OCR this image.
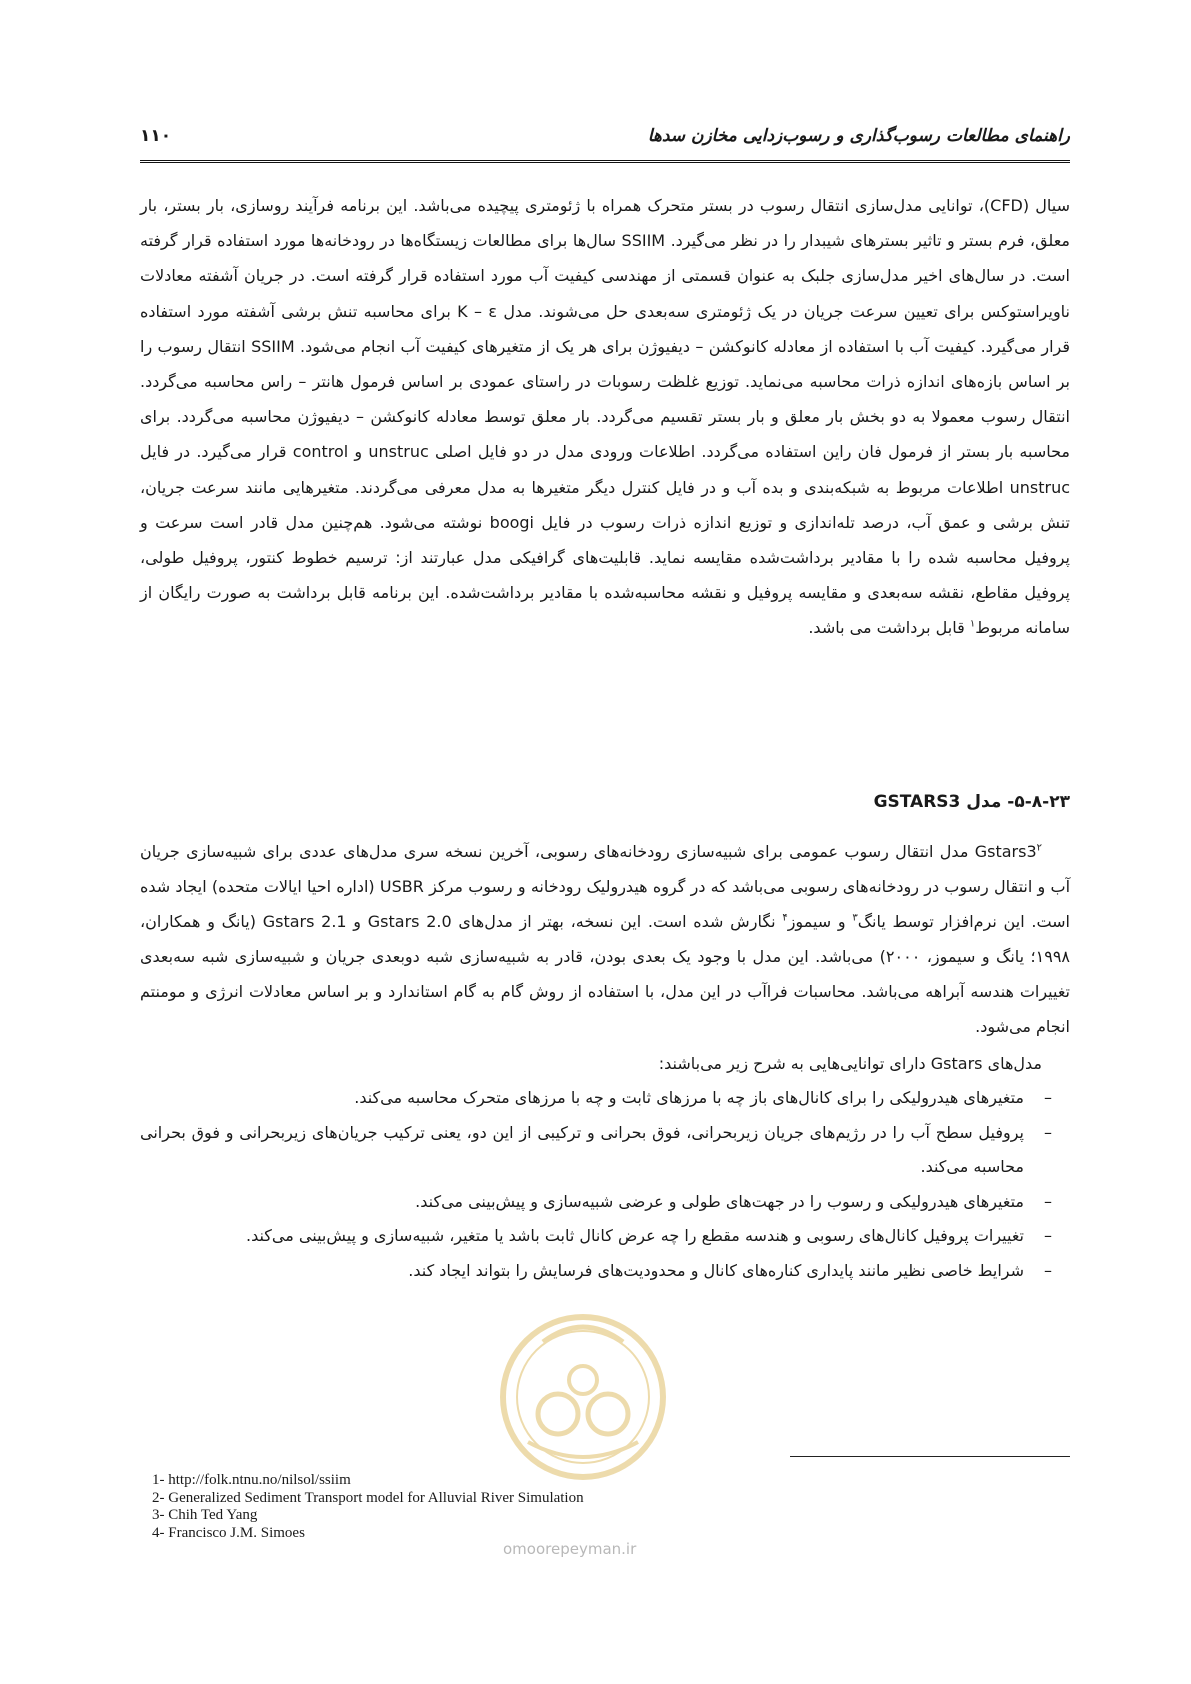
راهنمای مطالعات رسوب‌گذاری و رسوب‌زدایی مخازن سدها
۱۱۰

سیال (CFD)، توانایی مدل‌سازی انتقال رسوب در بستر متحرک همراه با ژئومتری پیچیده می‌باشد. این برنامه فرآیند روسازی، بار بستر، بار معلق، فرم بستر و تاثیر بسترهای شیبدار را در نظر می‌گیرد. SSIIM سال‌ها برای مطالعات زیستگاه‌ها در رودخانه‌ها مورد استفاده قرار گرفته است. در سال‌های اخیر مدل‌سازی جلبک به عنوان قسمتی از مهندسی کیفیت آب مورد استفاده قرار گرفته است. در جریان آشفته معادلات ناویراستوکس برای تعیین سرعت جریان در یک ژئومتری سه‌بعدی حل می‌شوند. مدل K – ε برای محاسبه تنش برشی آشفته مورد استفاده قرار می‌گیرد. کیفیت آب با استفاده از معادله کانوکشن – دیفیوژن برای هر یک از متغیرهای کیفیت آب انجام می‌شود. SSIIM انتقال رسوب را بر اساس بازه‌های اندازه ذرات محاسبه می‌نماید. توزیع غلظت رسوبات در راستای عمودی بر اساس فرمول هانتر – راس محاسبه می‌گردد. انتقال رسوب معمولا به دو بخش بار معلق و بار بستر تقسیم می‌گردد. بار معلق توسط معادله کانوکشن – دیفیوژن محاسبه می‌گردد. برای محاسبه بار بستر از فرمول فان راین استفاده می‌گردد. اطلاعات ورودی مدل در دو فایل اصلی unstruc و control قرار می‌گیرد. در فایل unstruc اطلاعات مربوط به شبکه‌بندی و بده آب و در فایل کنترل دیگر متغیرها به مدل معرفی می‌گردند. متغیرهایی مانند سرعت جریان، تنش برشی و عمق آب، درصد تله‌اندازی و توزیع اندازه ذرات رسوب در فایل boogi نوشته می‌شود. هم‌چنین مدل قادر است سرعت و پروفیل محاسبه شده را با مقادیر برداشت‌شده مقایسه نماید. قابلیت‌های گرافیکی مدل عبارتند از: ترسیم خطوط کنتور، پروفیل طولی، پروفیل مقاطع، نقشه سه‌بعدی و مقایسه پروفیل و نقشه محاسبه‌شده با مقادیر برداشت‌شده. این برنامه قابل برداشت به صورت رایگان از سامانه مربوط$^۱$ قابل برداشت می باشد.

۵-۸-۲۳- مدل GSTARS3

$Gstars3^۲$ مدل انتقال رسوب عمومی برای شبیه‌سازی رودخانه‌های رسوبی، آخرین نسخه سری مدل‌های عددی برای شبیه‌سازی جریان آب و انتقال رسوب در رودخانه‌های رسوبی می‌باشد که در گروه هیدرولیک رودخانه و رسوب مرکز USBR (اداره احیا ایالات متحده) ایجاد شده است. این نرم‌افزار توسط یانگ$^۳$ و سیموز$^۴$ نگارش شده است. این نسخه، بهتر از مدل‌های Gstars 2.0 و Gstars 2.1 (یانگ و همکاران، ۱۹۹۸؛ یانگ و سیموز، ۲۰۰۰) می‌باشد. این مدل با وجود یک بعدی بودن، قادر به شبیه‌سازی شبه دوبعدی جریان و شبیه‌سازی شبه سه‌بعدی تغییرات هندسه آبراهه می‌باشد. محاسبات فراآب در این مدل، با استفاده از روش گام به گام استاندارد و بر اساس معادلات انرژی و مومنتم انجام می‌شود.

مدل‌های Gstars دارای توانایی‌هایی به شرح زیر می‌باشند:

–
متغیرهای هیدرولیکی را برای کانال‌های باز چه با مرزهای ثابت و چه با مرزهای متحرک محاسبه می‌کند.
–
پروفیل سطح آب را در رژیم‌های جریان زیربحرانی، فوق بحرانی و ترکیبی از این دو، یعنی ترکیب جریان‌های زیربحرانی و فوق بحرانی محاسبه می‌کند.
–
متغیرهای هیدرولیکی و رسوب را در جهت‌های طولی و عرضی شبیه‌سازی و پیش‌بینی می‌کند.
–
تغییرات پروفیل کانال‌های رسوبی و هندسه مقطع را چه عرض کانال ثابت باشد یا متغیر، شبیه‌سازی و پیش‌بینی می‌کند.
–
شرایط خاصی نظیر مانند پایداری کناره‌های کانال و محدودیت‌های فرسایش را بتواند ایجاد کند.
1- http://folk.ntnu.no/nilsol/ssiim
2- Generalized Sediment Transport model for Alluvial River Simulation
3- Chih Ted Yang
4- Francisco J.M. Simoes
omoorepeyman.ir
